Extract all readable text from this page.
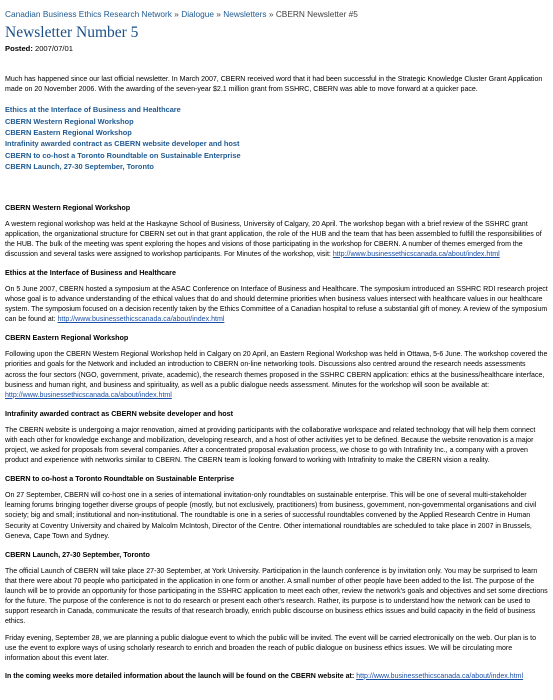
Canadian Business Ethics Research Network » Dialogue » Newsletters » CBERN Newsletter #5
Newsletter Number 5
Posted: 2007/07/01

Much has happened since our last official newsletter. In March 2007, CBERN received word that it had been successful in the Strategic Knowledge Cluster Grant Application made on 20 November 2006. With the awarding of the seven-year $2.1 million grant from SSHRC, CBERN was able to move forward at a quicker pace.

Ethics at the Interface of Business and Healthcare
CBERN Western Regional Workshop
CBERN Eastern Regional Workshop
Intrafinity awarded contract as CBERN website developer and host
CBERN to co-host a Toronto Roundtable on Sustainable Enterprise
CBERN Launch, 27-30 September, Toronto
CBERN Western Regional Workshop

A western regional workshop was held at the Haskayne School of Business, University of Calgary, 20 April. The workshop began with a brief review of the SSHRC grant application, the organizational structure for CBERN set out in that grant application, the role of the HUB and the team that has been assembled to fulfill the responsibilities of the HUB. The bulk of the meeting was spent exploring the hopes and visions of those participating in the workshop for CBERN. A number of themes emerged from the discussion and several tasks were assigned to workshop participants. For Minutes of the workshop, visit: http://www.businessethicscanada.ca/about/index.html

Ethics at the Interface of Business and Healthcare

On 5 June 2007, CBERN hosted a symposium at the ASAC Conference on Interface of Business and Healthcare. The symposium introduced an SSHRC RDI research project whose goal is to advance understanding of the ethical values that do and should determine priorities when business values intersect with healthcare values in our healthcare system. The symposium focused on a decision recently taken by the Ethics Committee of a Canadian hospital to refuse a substantial gift of money. A review of the symposium can be found at: http://www.businessethicscanada.ca/about/index.html

CBERN Eastern Regional Workshop

Following upon the CBERN Western Regional Workshop held in Calgary on 20 April, an Eastern Regional Workshop was held in Ottawa, 5-6 June. The workshop covered the priorities and goals for the Network and included an introduction to CBERN on-line networking tools. Discussions also centred around the research needs assessments across the four sectors (NGO, government, private, academic), the research themes proposed in the SSHRC CBERN application: ethics at the business/healthcare interface, business and human right, and business and spirituality, as well as a public dialogue needs assessment. Minutes for the workshop will soon be available at: http://www.businessethicscanada.ca/about/index.html

Intrafinity awarded contract as CBERN website developer and host

The CBERN website is undergoing a major renovation, aimed at providing participants with the collaborative workspace and related technology that will help them connect with each other for knowledge exchange and mobilization, developing research, and a host of other activities yet to be defined. Because the website renovation is a major project, we asked for proposals from several companies. After a concentrated proposal evaluation process, we chose to go with Intrafinity Inc., a company with a proven product and experience with networks similar to CBERN. The CBERN team is looking forward to working with Intrafinity to make the CBERN vision a reality.

CBERN to co-host a Toronto Roundtable on Sustainable Enterprise

On 27 September, CBERN will co-host one in a series of international invitation-only roundtables on sustainable enterprise. This will be one of several multi-stakeholder learning forums bringing together diverse groups of people (mostly, but not exclusively, practitioners) from business, government, non-governmental organisations and civil society; big and small; institutional and non-institutional. The roundtable is one in a series of successful roundtables convened by the Applied Research Centre in Human Security at Coventry University and chaired by Malcolm McIntosh, Director of the Centre. Other international roundtables are scheduled to take place in 2007 in Brussels, Geneva, Cape Town and Sydney.

CBERN Launch, 27-30 September, Toronto

The official Launch of CBERN will take place 27-30 September, at York University. Participation in the launch conference is by invitation only. You may be surprised to learn that there were about 70 people who participated in the application in one form or another. A small number of other people have been added to the list. The purpose of the launch will be to provide an opportunity for those participating in the SSHRC application to meet each other, review the network's goals and objectives and set some directions for the future. The purpose of the conference is not to do research or present each other's research. Rather, its purpose is to understand how the network can be used to support research in Canada, communicate the results of that research broadly, enrich public discourse on business ethics issues and build capacity in the field of business ethics.

Friday evening, September 28, we are planning a public dialogue event to which the public will be invited. The event will be carried electronically on the web. Our plan is to use the event to explore ways of using scholarly research to enrich and broaden the reach of public dialogue on business ethics issues. We will be circulating more information about this event later.

In the coming weeks more detailed information about the launch will be found on the CBERN website at: http://www.businessethicscanada.ca/about/index.html
